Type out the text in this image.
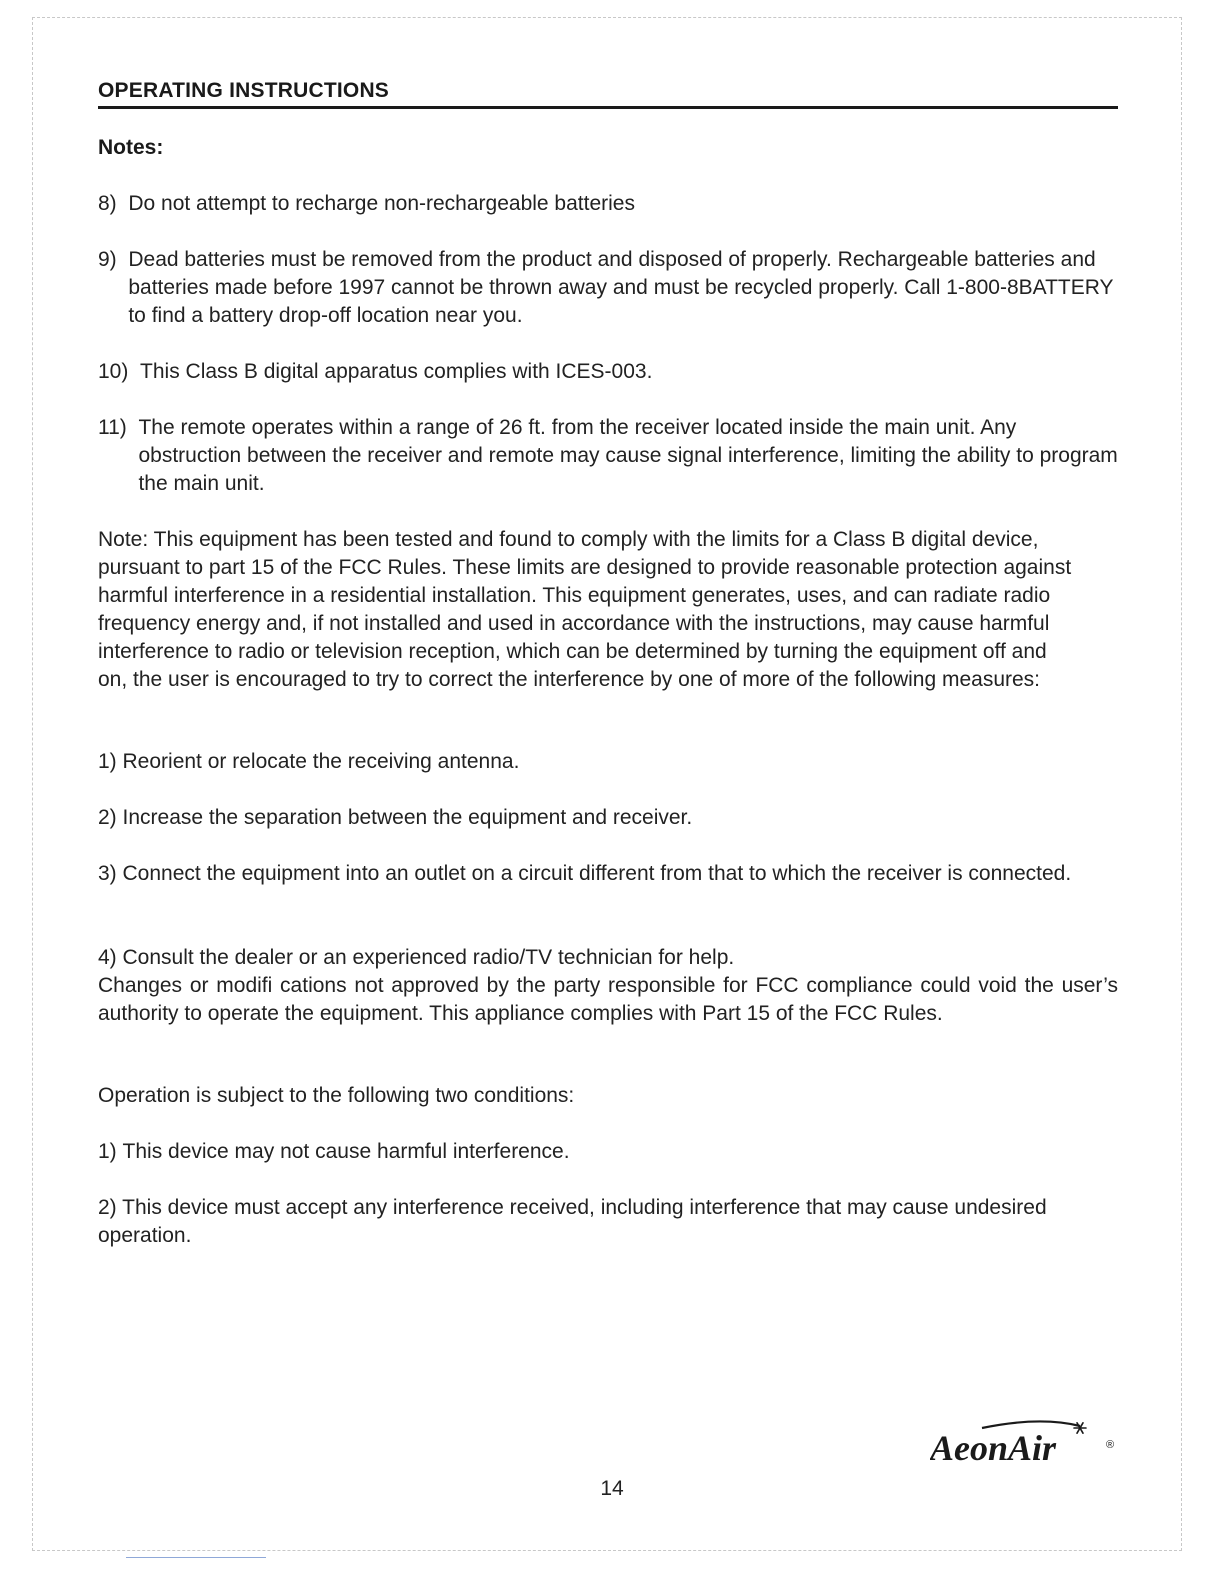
OPERATING INSTRUCTIONS
Notes:
8) Do not attempt to recharge non-rechargeable batteries
9) Dead batteries must be removed from the product and disposed of properly. Rechargeable batteries and batteries made before 1997 cannot be thrown away and must be recycled properly. Call 1-800-8BATTERY to find a battery drop-off location near you.
10) This Class B digital apparatus complies with ICES-003.
11) The remote operates within a range of 26 ft. from the receiver located inside the main unit. Any obstruction between the receiver and remote may cause signal interference, limiting the ability to program the main unit.
Note: This equipment has been tested and found to comply with the limits for a Class B digital device, pursuant to part 15 of the FCC Rules. These limits are designed to provide reasonable protection against harmful interference in a residential installation. This equipment generates, uses, and can radiate radio frequency energy and, if not installed and used in accordance with the instructions, may cause harmful interference to radio or television reception, which can be determined by turning the equipment off and on, the user is encouraged to try to correct the interference by one of more of the following measures:
1) Reorient or relocate the receiving antenna.
2) Increase the separation between the equipment and receiver.
3) Connect the equipment into an outlet on a circuit different from that to which the receiver is connected.
4) Consult the dealer or an experienced radio/TV technician for help.
Changes or modifi cations not approved by the party responsible for FCC compliance could void the user’s authority to operate the equipment. This appliance complies with Part 15 of the FCC Rules.
Operation is subject to the following two conditions:
1) This device may not cause harmful interference.
2) This device must accept any interference received, including interference that may cause undesired operation.
AeonAir	®
14
